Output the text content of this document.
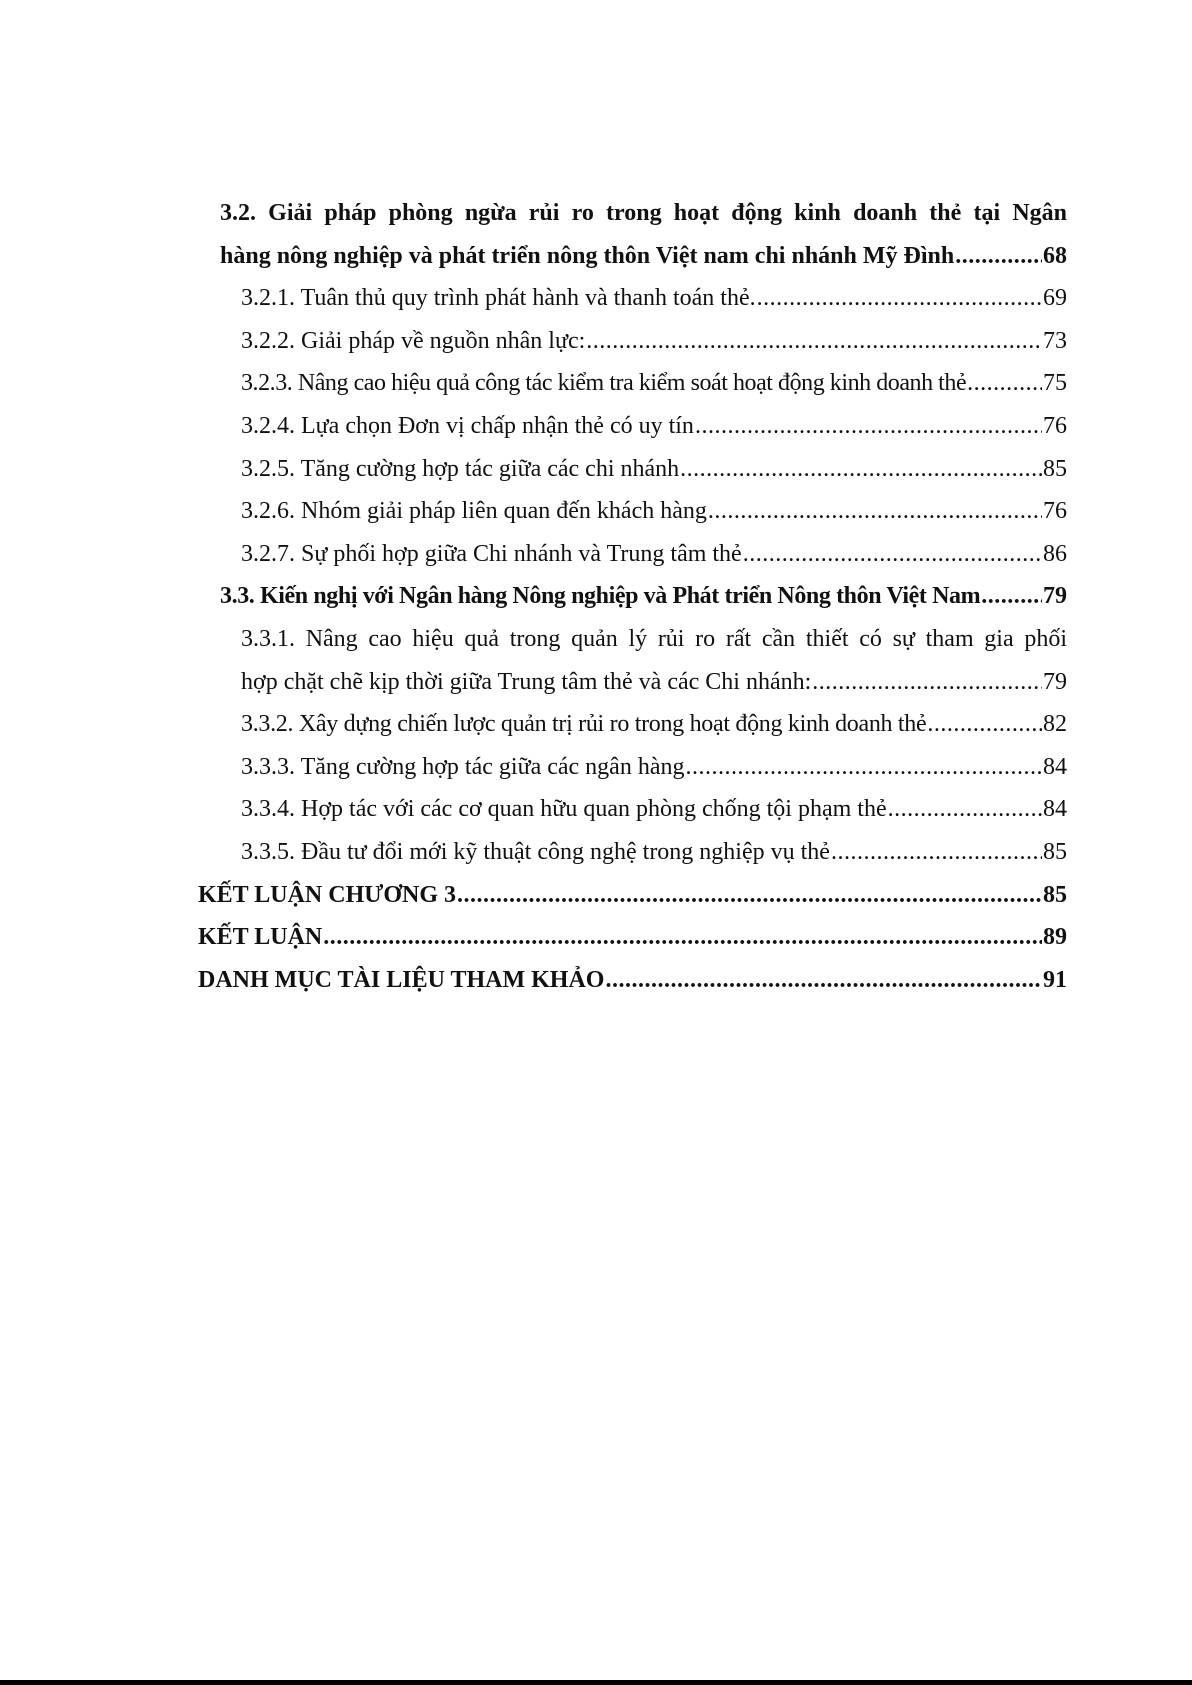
3.2. Giải pháp phòng ngừa rủi ro trong hoạt động kinh doanh thẻ tại Ngân
hàng nông nghiệp và phát triển nông thôn Việt nam chi nhánh Mỹ Đình .....	68
3.2.1. Tuân thủ quy trình phát hành và thanh toán thẻ. .....	69
3.2.2. Giải pháp về nguồn nhân lực: .....	73
3.2.3. Nâng cao hiệu quả công tác kiểm tra kiểm soát hoạt động kinh doanh thẻ .....	75
3.2.4. Lựa chọn Đơn vị chấp nhận thẻ có uy tín .....	76
3.2.5. Tăng cường hợp tác giữa các chi nhánh .....	85
3.2.6. Nhóm giải pháp liên quan đến khách hàng .....	76
3.2.7. Sự phối hợp giữa Chi nhánh và Trung tâm thẻ .....	86
3.3. Kiến nghị với Ngân hàng Nông nghiệp và Phát triển Nông thôn Việt Nam .....	79
3.3.1. Nâng cao hiệu quả trong quản lý rủi ro rất cần thiết có sự tham gia phối
hợp chặt chẽ kịp thời giữa Trung tâm thẻ và các Chi nhánh: .....	79
3.3.2. Xây dựng chiến lược quản trị rủi ro trong hoạt động kinh doanh thẻ .....	82
3.3.3. Tăng cường hợp tác giữa các ngân hàng .....	84
3.3.4. Hợp tác với các cơ quan hữu quan phòng chống tội phạm thẻ .....	84
3.3.5. Đầu tư đổi mới kỹ thuật công nghệ trong nghiệp vụ thẻ .....	85
KẾT LUẬN CHƯƠNG 3 .....	85
KẾT LUẬN .....	89
DANH MỤC TÀI LIỆU THAM KHẢO .....	91
